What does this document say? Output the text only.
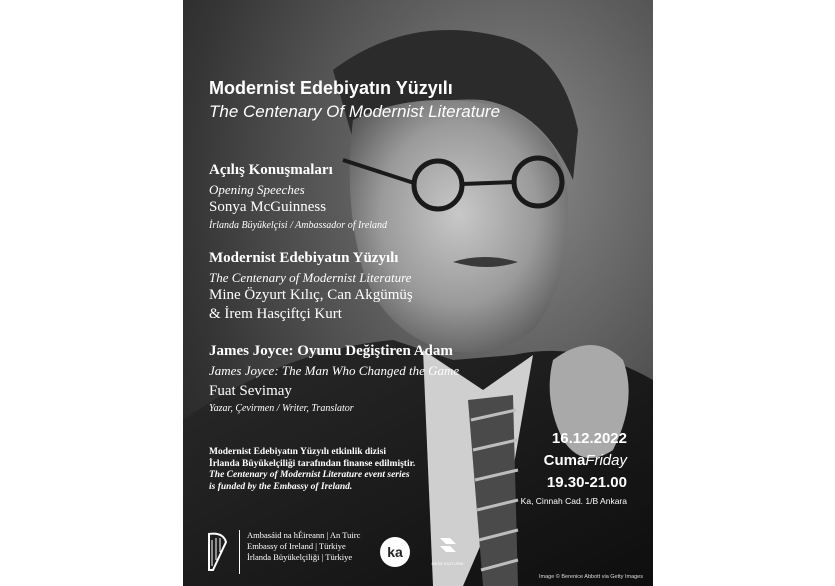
Modernist Edebiyatın Yüzyılı

The Centenary Of Modernist Literature

Açılış Konuşmaları

Opening Speeches

Sonya McGuinness

İrlanda Büyükelçisi / Ambassador of Ireland

Modernist Edebiyatın Yüzyılı

The Centenary of Modernist Literature

Mine Özyurt Kılıç, Can Akgümüş

& İrem Hasçiftçi Kurt

James Joyce: Oyunu Değiştiren Adam

James Joyce: The Man Who Changed the Game

Fuat Sevimay

Yazar, Çevirmen / Writer, Translator

Modernist Edebiyatın Yüzyılı etkinlik dizisi
İrlanda Büyükelçiliği tarafından finanse edilmiştir.
The Centenary of Modernist Literature event series
is funded by the Embassy of Ireland.

16.12.2022

CumaFriday

19.30-21.00

Ka, Cinnah Cad. 1/B Ankara

Ambasáid na hÉireann | An Tuirc
Embassy of Ireland | Türkiye
İrlanda Büyükelçiliği | Türkiye	ka
MESE KULTUREL

Image © Berenice Abbott via Getty Images
